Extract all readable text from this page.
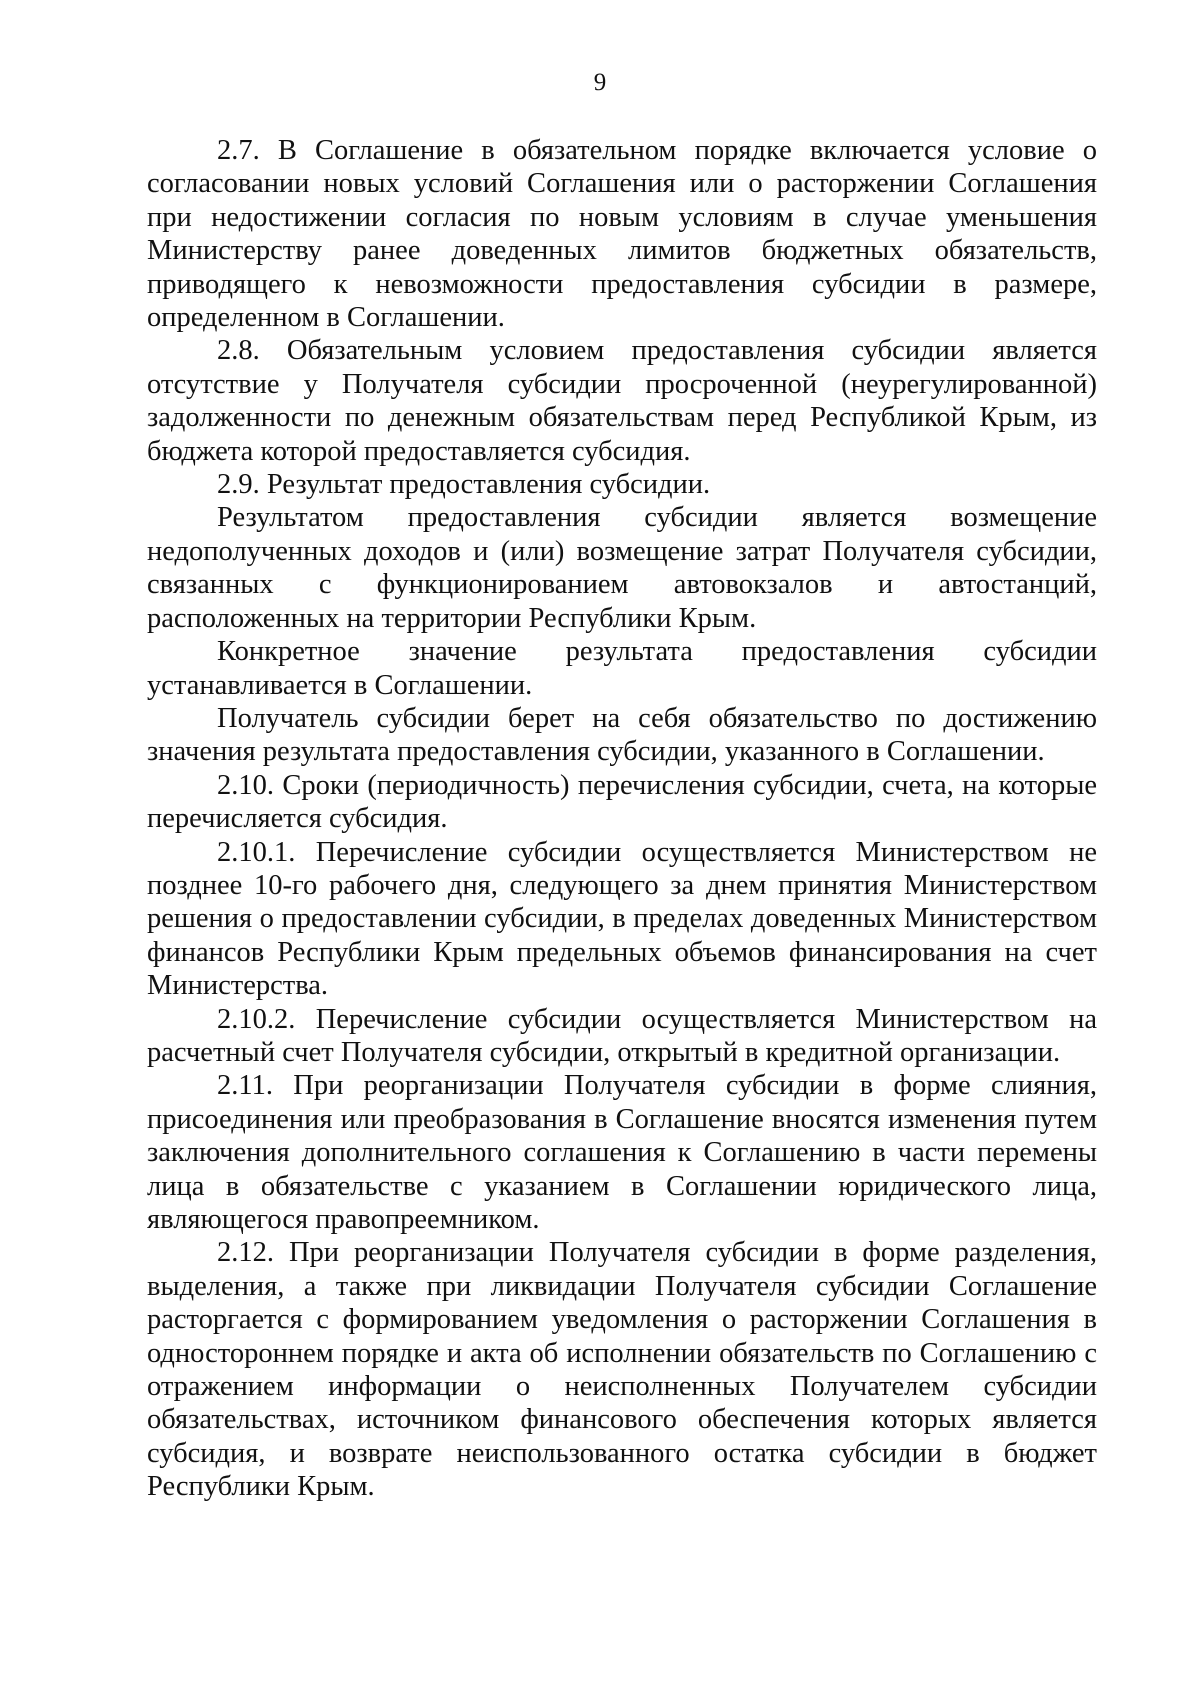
9

2.7. В Соглашение в обязательном порядке включается условие о согласовании новых условий Соглашения или о расторжении Соглашения при недостижении согласия по новым условиям в случае уменьшения Министерству ранее доведенных лимитов бюджетных обязательств, приводящего к невозможности предоставления субсидии в размере, определенном в Соглашении.

2.8. Обязательным условием предоставления субсидии является отсутствие у Получателя субсидии просроченной (неурегулированной) задолженности по денежным обязательствам перед Республикой Крым, из бюджета которой предоставляется субсидия.

2.9. Результат предоставления субсидии.

Результатом предоставления субсидии является возмещение недополученных доходов и (или) возмещение затрат Получателя субсидии, связанных с функционированием автовокзалов и автостанций, расположенных на территории Республики Крым.

Конкретное значение результата предоставления субсидии устанавливается в Соглашении.

Получатель субсидии берет на себя обязательство по достижению значения результата предоставления субсидии, указанного в Соглашении.

2.10. Сроки (периодичность) перечисления субсидии, счета, на которые перечисляется субсидия.

2.10.1. Перечисление субсидии осуществляется Министерством не позднее 10-го рабочего дня, следующего за днем принятия Министерством решения о предоставлении субсидии, в пределах доведенных Министерством финансов Республики Крым предельных объемов финансирования на счет Министерства.

2.10.2. Перечисление субсидии осуществляется Министерством на расчетный счет Получателя субсидии, открытый в кредитной организации.

2.11. При реорганизации Получателя субсидии в форме слияния, присоединения или преобразования в Соглашение вносятся изменения путем заключения дополнительного соглашения к Соглашению в части перемены лица в обязательстве с указанием в Соглашении юридического лица, являющегося правопреемником.

2.12. При реорганизации Получателя субсидии в форме разделения, выделения, а также при ликвидации Получателя субсидии Соглашение расторгается с формированием уведомления о расторжении Соглашения в одностороннем порядке и акта об исполнении обязательств по Соглашению с отражением информации о неисполненных Получателем субсидии обязательствах, источником финансового обеспечения которых является субсидия, и возврате неиспользованного остатка субсидии в бюджет Республики Крым.
